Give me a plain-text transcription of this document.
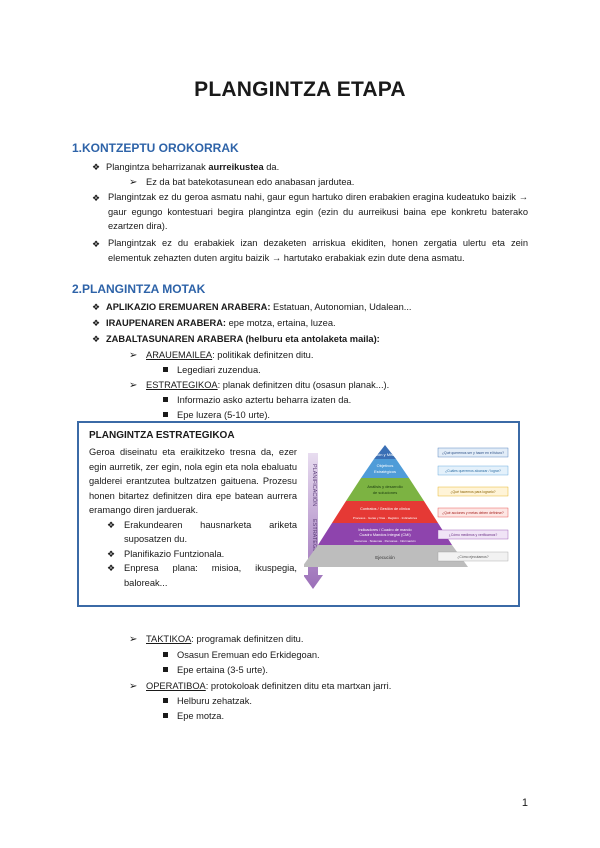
PLANGINTZA ETAPA
1.KONTZEPTU OROKORRAK
❖ Plangintza beharrizanak aurreikustea da.
➢ Ez da bat batekotasunean edo anabasan jardutea.
❖ Plangintzak ez du geroa asmatu nahi, gaur egun hartuko diren erabakien eragina kudeatuko baizik → gaur egungo kontestuari begira plangintza egin (ezin du aurreikusi baina epe konkretu baterako ezartzen dira).
❖ Plangintzak ez du erabakiek izan dezaketen arriskua ekiditen, honen zergatia ulertu eta zein elementuk zehazten duten argitu baizik → hartutako erabakiak ezin dute dena asmatu.
2.PLANGINTZA MOTAK
❖ APLIKAZIO EREMUAREN ARABERA: Estatuan, Autonomian, Udalean...
❖ IRAUPENAREN ARABERA: epe motza, ertaina, luzea.
❖ ZABALTASUNAREN ARABERA (helburu eta antolaketa maila):
➢ ARAUEMAILEA: politikak definitzen ditu.
Legediari zuzendua.
➢ ESTRATEGIKOA: planak definitzen ditu (osasun planak...).
Informazio asko aztertu beharra izaten da.
Epe luzera (5-10 urte).
PLANGINTZA ESTRATEGIKOA
Geroa diseinatu eta eraikitzeko tresna da, ezer egin aurretik, zer egin, nola egin eta nola ebaluatu galderei erantzutea bultzatzen gaituena. Prozesu honen bitartez definitzen dira epe batean aurrera eramango diren jarduerak.
❖ Erakundearen hausnarketa ariketa suposatzen du.
❖ Planifikazio Funtzionala.
❖ Enpresa plana: misioa, ikuspegia, baloreak...
PLANIFICACIÓN
ESTRATEGIA
Visión y Misión
Objetivos
Estratégicos
Análisis y desarrollo
de soluciones
Contratos / Gestión de clínica
Procesos · Guías y Vías · Registro · Indicadores
Indicadores / Cuadro de mando
Cuadro Mandos Integral (CMI)
Recursos · Sistemas · Personas · Información
Ejecución
¿Qué queremos ser y hacer en el futuro?
¿Cuáles queremos alcanzar / lograr?
¿Qué hacemos para lograrlo?
¿Qué acciones y metas deben definirse?
¿Cómo medimos y verificamos?
¿Cómo ejecutamos?
➢ TAKTIKOA: programak definitzen ditu.
Osasun Eremuan edo Erkidegoan.
Epe ertaina (3-5 urte).
➢ OPERATIBOA: protokoloak definitzen ditu eta martxan jarri.
Helburu zehatzak.
Epe motza.
1
